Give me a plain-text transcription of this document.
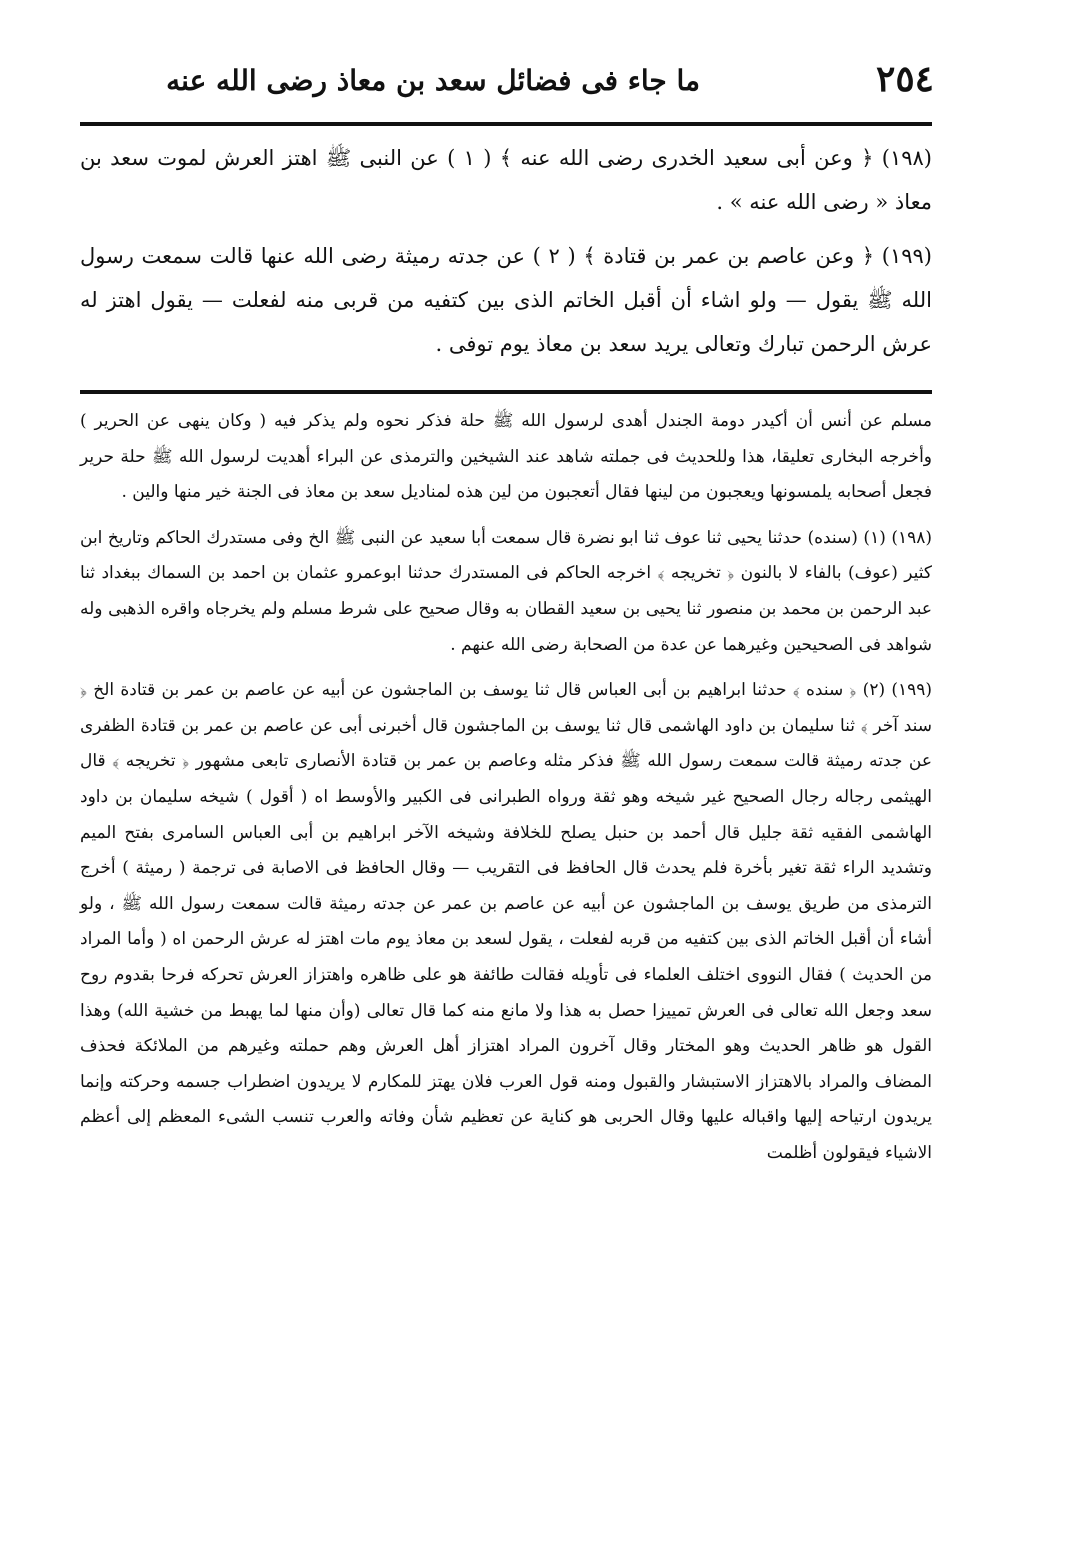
٢٥٤
ما جاء فى فضائل سعد بن معاذ رضى الله عنه

(١٩٨) ﴿ وعن أبى سعيد الخدرى رضى الله عنه ﴾ ( ١ ) عن النبى ﷺ اهتز العرش لموت سعد بن معاذ « رضى الله عنه » .

(١٩٩) ﴿ وعن عاصم بن عمر بن قتادة ﴾ ( ٢ ) عن جدته رميثة رضى الله عنها قالت سمعت رسول الله ﷺ يقول — ولو اشاء أن أقبل الخاتم الذى بين كتفيه من قربى منه لفعلت — يقول اهتز له عرش الرحمن تبارك وتعالى يريد سعد بن معاذ يوم توفى .

مسلم عن أنس أن أكيدر دومة الجندل أهدى لرسول الله ﷺ حلة فذكر نحوه ولم يذكر فيه ( وكان ينهى عن الحرير ) وأخرجه البخارى تعليقا، هذا وللحديث فى جملته شاهد عند الشيخين والترمذى عن البراء أهديت لرسول الله ﷺ حلة حرير فجعل أصحابه يلمسونها ويعجبون من لينها فقال أتعجبون من لين هذه لمناديل سعد بن معاذ فى الجنة خير منها والين .

(١٩٨) (١) (سنده) حدثنا يحيى ثنا عوف ثنا ابو نضرة قال سمعت أبا سعيد عن النبى ﷺ الخ وفى مستدرك الحاكم وتاريخ ابن كثير (عوف) بالفاء لا بالنون ﴿ تخريجه ﴾ اخرجه الحاكم فى المستدرك حدثنا ابوعمرو عثمان بن احمد بن السماك ببغداد ثنا عبد الرحمن بن محمد بن منصور ثنا يحيى بن سعيد القطان به وقال صحيح على شرط مسلم ولم يخرجاه واقره الذهبى وله شواهد فى الصحيحين وغيرهما عن عدة من الصحابة رضى الله عنهم .

(١٩٩) (٢) ﴿ سنده ﴾ حدثنا ابراهيم بن أبى العباس قال ثنا يوسف بن الماجشون عن أبيه عن عاصم بن عمر بن قتادة الخ ﴿ سند آخر ﴾ ثنا سليمان بن داود الهاشمى قال ثنا يوسف بن الماجشون قال أخبرنى أبى عن عاصم بن عمر بن قتادة الظفرى عن جدته رميثة قالت سمعت رسول الله ﷺ فذكر مثله وعاصم بن عمر بن قتادة الأنصارى تابعى مشهور ﴿ تخريجه ﴾ قال الهيثمى رجاله رجال الصحيح غير شيخه وهو ثقة ورواه الطبرانى فى الكبير والأوسط اه ( أقول ) شيخه سليمان بن داود الهاشمى الفقيه ثقة جليل قال أحمد بن حنبل يصلح للخلافة وشيخه الآخر ابراهيم بن أبى العباس السامرى بفتح الميم وتشديد الراء ثقة تغير بأخرة فلم يحدث قال الحافظ فى التقريب — وقال الحافظ فى الاصابة فى ترجمة ( رميثة ) أخرج الترمذى من طريق يوسف بن الماجشون عن أبيه عن عاصم بن عمر عن جدته رميثة قالت سمعت رسول الله ﷺ ، ولو أشاء أن أقبل الخاتم الذى بين كتفيه من قربه لفعلت ، يقول لسعد بن معاذ يوم مات اهتز له عرش الرحمن اه ( وأما المراد من الحديث ) فقال النووى اختلف العلماء فى تأويله فقالت طائفة هو على ظاهره واهتزاز العرش تحركه فرحا بقدوم روح سعد وجعل الله تعالى فى العرش تمييزا حصل به هذا ولا مانع منه كما قال تعالى (وأن منها لما يهبط من خشية الله) وهذا القول هو ظاهر الحديث وهو المختار وقال آخرون المراد اهتزاز أهل العرش وهم حملته وغيرهم من الملائكة فحذف المضاف والمراد بالاهتزاز الاستبشار والقبول ومنه قول العرب فلان يهتز للمكارم لا يريدون اضطراب جسمه وحركته وإنما يريدون ارتياحه إليها واقباله عليها وقال الحربى هو كناية عن تعظيم شأن وفاته والعرب تنسب الشىء المعظم إلى أعظم الاشياء فيقولون أظلمت
